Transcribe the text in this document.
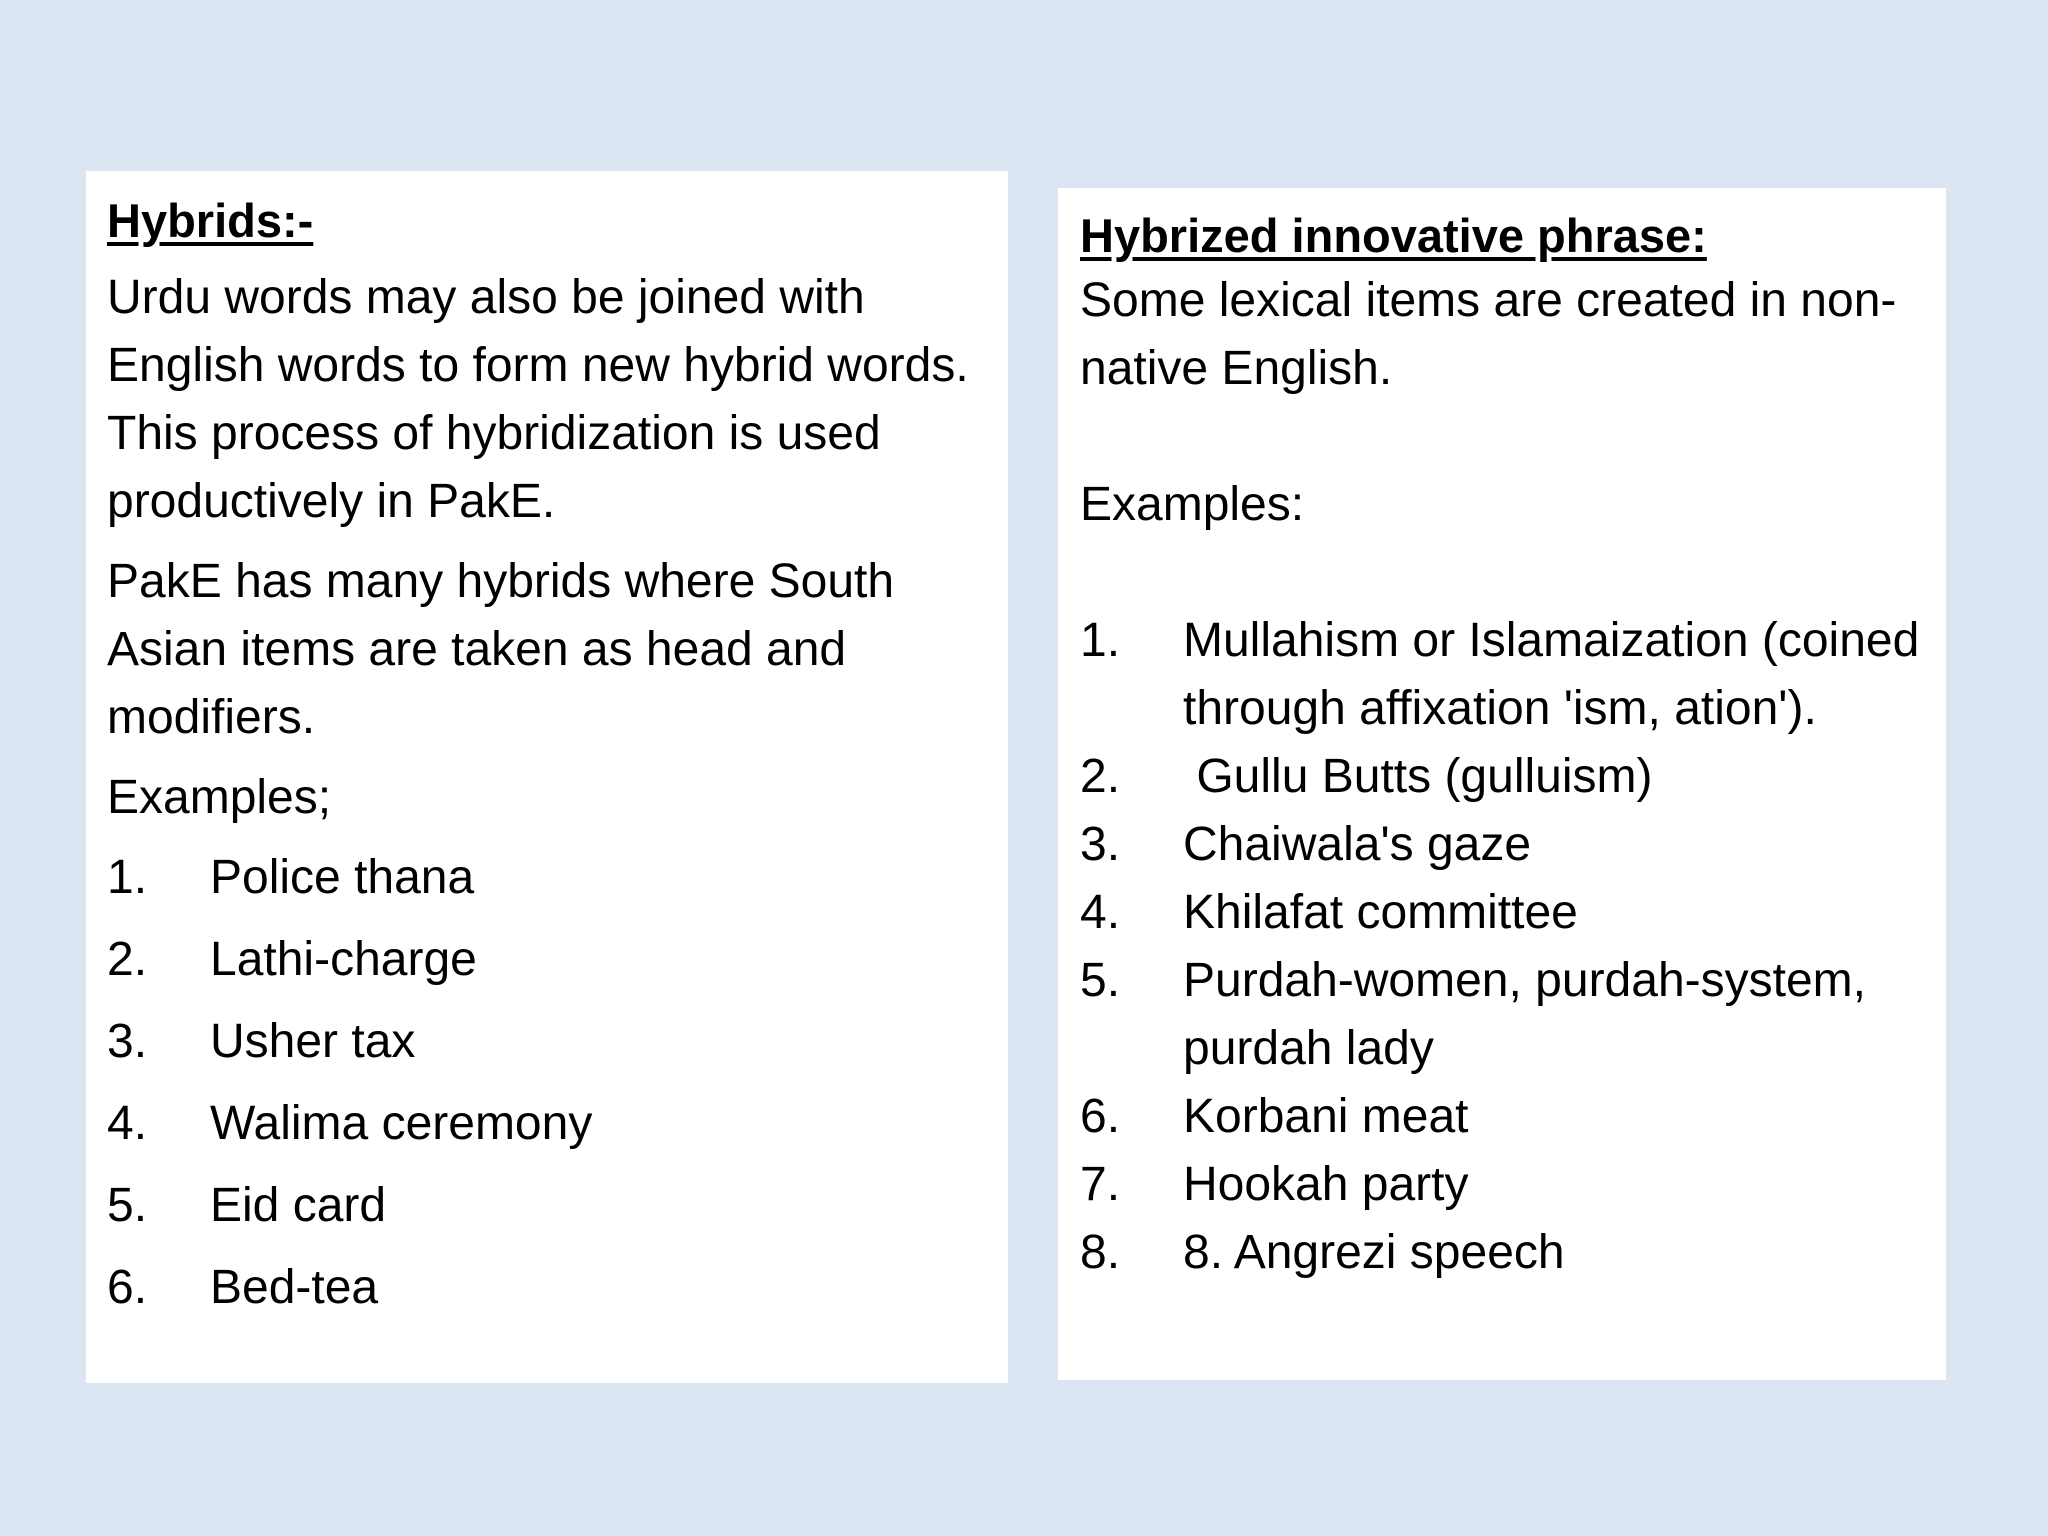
Hybrids:-

Urdu words may also be joined with English words to form new hybrid words. This process of hybridization is used productively in PakE.

PakE has many hybrids where South Asian items are taken as head and modifiers.

Examples;

1.	Police thana
2.	Lathi-charge
3.	Usher tax
4.	Walima ceremony
5.	Eid card
6.	Bed-tea

Hybrized innovative phrase:

Some lexical items are created in non-native English.

Examples:

1.	Mullahism or Islamaization (coined through affixation 'ism, ation').
2.	Gullu Butts (gulluism)
3.	Chaiwala's gaze
4.	Khilafat committee
5.	Purdah-women, purdah-system, purdah lady
6.	Korbani meat
7.	Hookah party
8.	8. Angrezi speech
